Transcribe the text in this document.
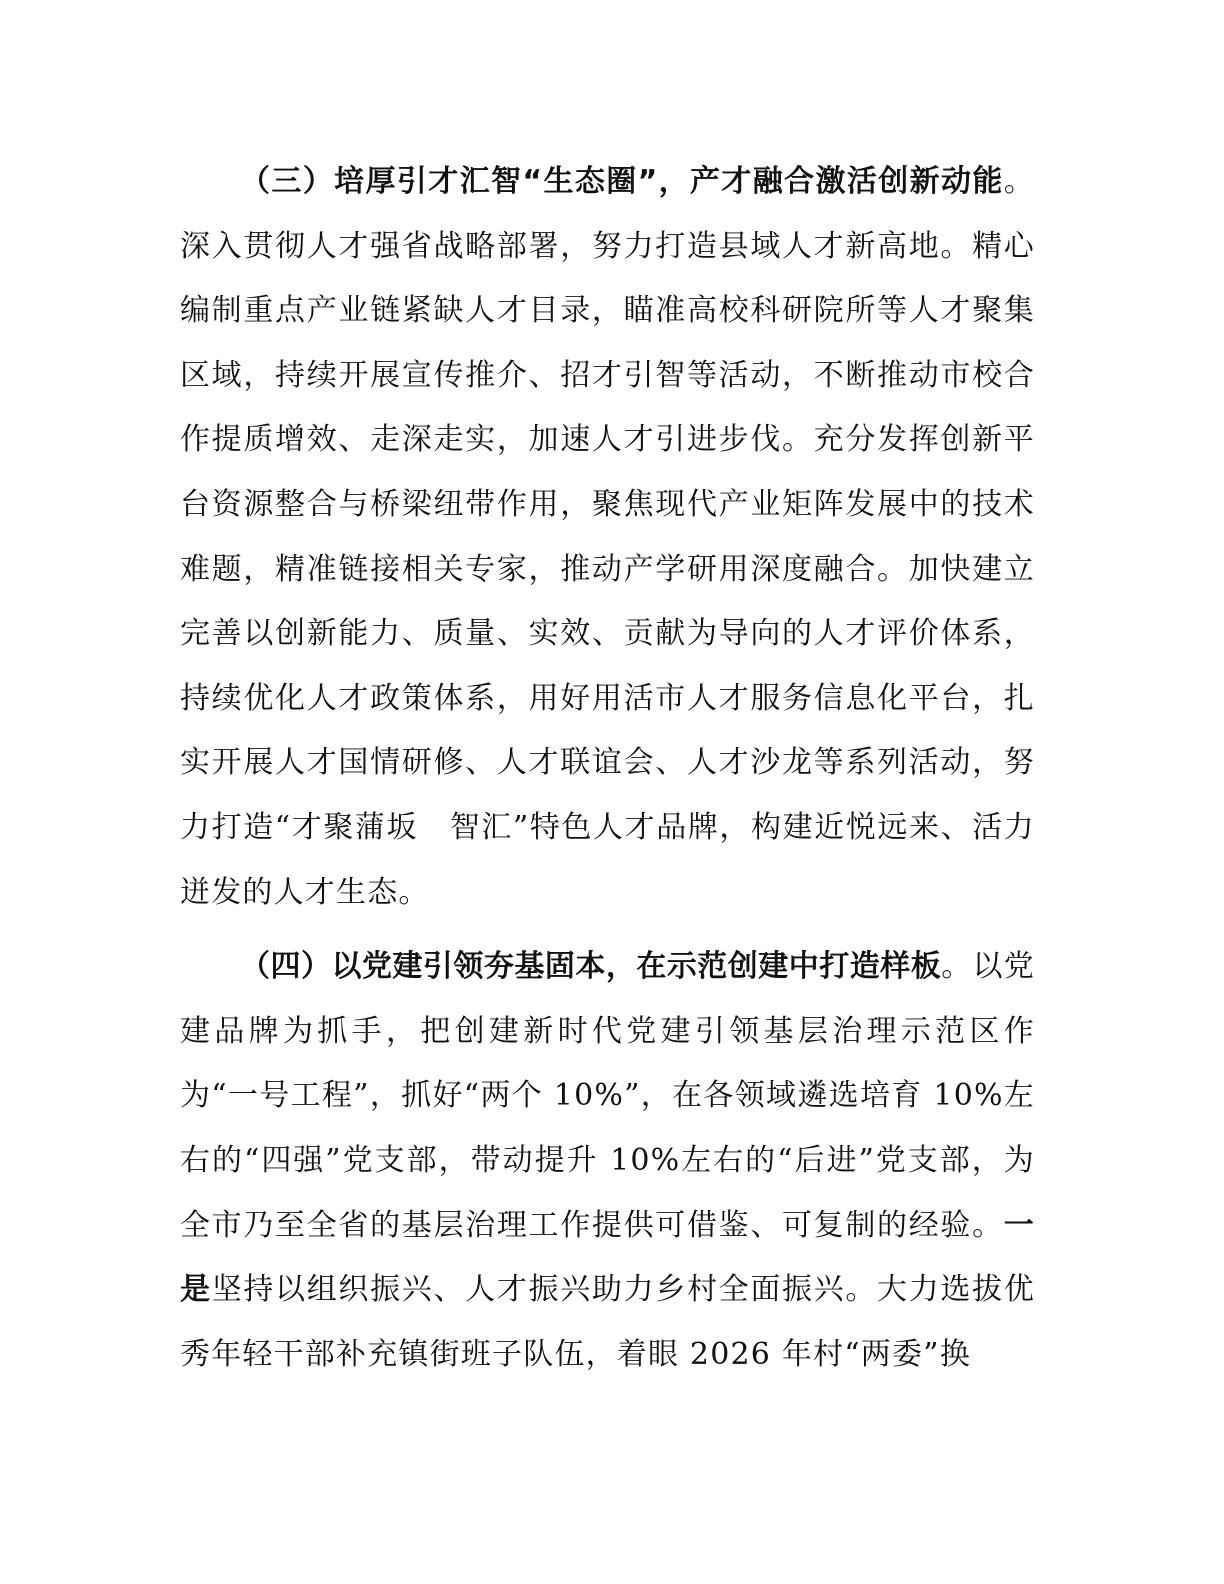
（三）培厚引才汇智“生态圈”，产才融合激活创新动能。深入贯彻人才强省战略部署，努力打造县域人才新高地。精心编制重点产业链紧缺人才目录，瞄准高校科研院所等人才聚集区域，持续开展宣传推介、招才引智等活动，不断推动市校合作提质增效、走深走实，加速人才引进步伐。充分发挥创新平台资源整合与桥梁纽带作用，聚焦现代产业矩阵发展中的技术难题，精准链接相关专家，推动产学研用深度融合。加快建立完善以创新能力、质量、实效、贡献为导向的人才评价体系，持续优化人才政策体系，用好用活市人才服务信息化平台，扎实开展人才国情研修、人才联谊会、人才沙龙等系列活动，努力打造“才聚蒲坂　智汇”特色人才品牌，构建近悦远来、活力迸发的人才生态。

（四）以党建引领夯基固本，在示范创建中打造样板。以党建品牌为抓手，把创建新时代党建引领基层治理示范区作为“一号工程”，抓好“两个 10%”，在各领域遴选培育 10%左右的“四强”党支部，带动提升 10%左右的“后进”党支部，为全市乃至全省的基层治理工作提供可借鉴、可复制的经验。一是坚持以组织振兴、人才振兴助力乡村全面振兴。大力选拔优秀年轻干部补充镇街班子队伍，着眼 2026 年村“两委”换
